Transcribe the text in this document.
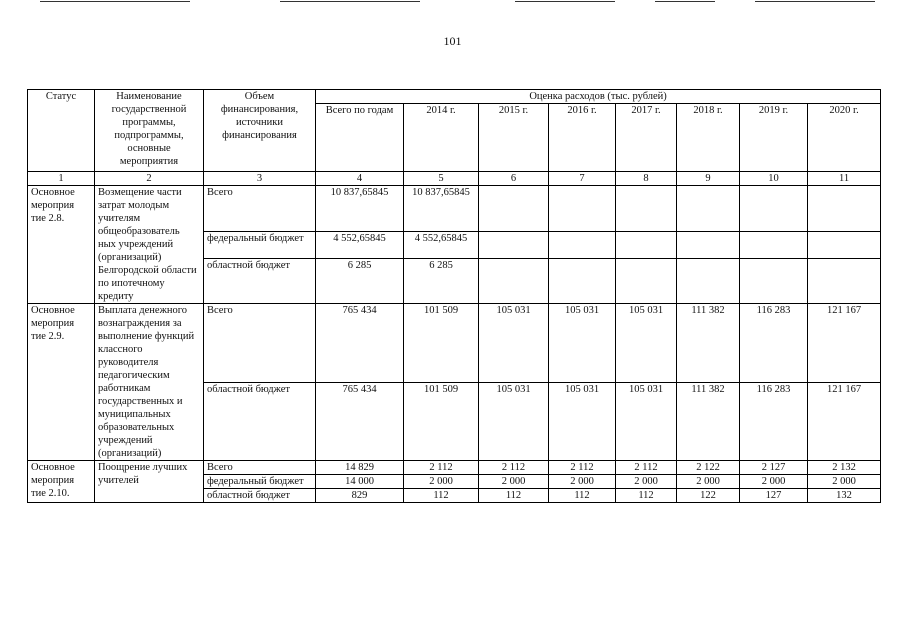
101
Статус	Наименование государственной программы, подпрограммы, основные мероприятия	Объем финансирования, источники финансирования	Оценка расходов (тыс. рублей)							
			Всего по годам	2014 г.	2015 г.	2016 г.	2017 г.	2018 г.	2019 г.	2020 г.
1	2	3	4	5	6	7	8	9	10	11
Основное мероприя тие 2.8.	Возмещение части затрат молодым учителям общеобразователь ных учреждений (организаций) Белгородской области по ипотечному кредиту	Всего	10 837,65845	10 837,65845						
		федеральный бюджет	4 552,65845	4 552,65845						
		областной бюджет	6 285	6 285						
Основное мероприя тие 2.9.	Выплата денежного вознаграждения за выполнение функций классного руководителя педагогическим работникам государственных и муниципальных образовательных учреждений (организаций)	Всего	765 434	101 509	105 031	105 031	105 031	111 382	116 283	121 167
		областной бюджет	765 434	101 509	105 031	105 031	105 031	111 382	116 283	121 167
Основное мероприя тие 2.10.	Поощрение лучших учителей	Всего	14 829	2 112	2 112	2 112	2 112	2 122	2 127	2 132
		федеральный бюджет	14 000	2 000	2 000	2 000	2 000	2 000	2 000	2 000
		областной бюджет	829	112	112	112	112	122	127	132
